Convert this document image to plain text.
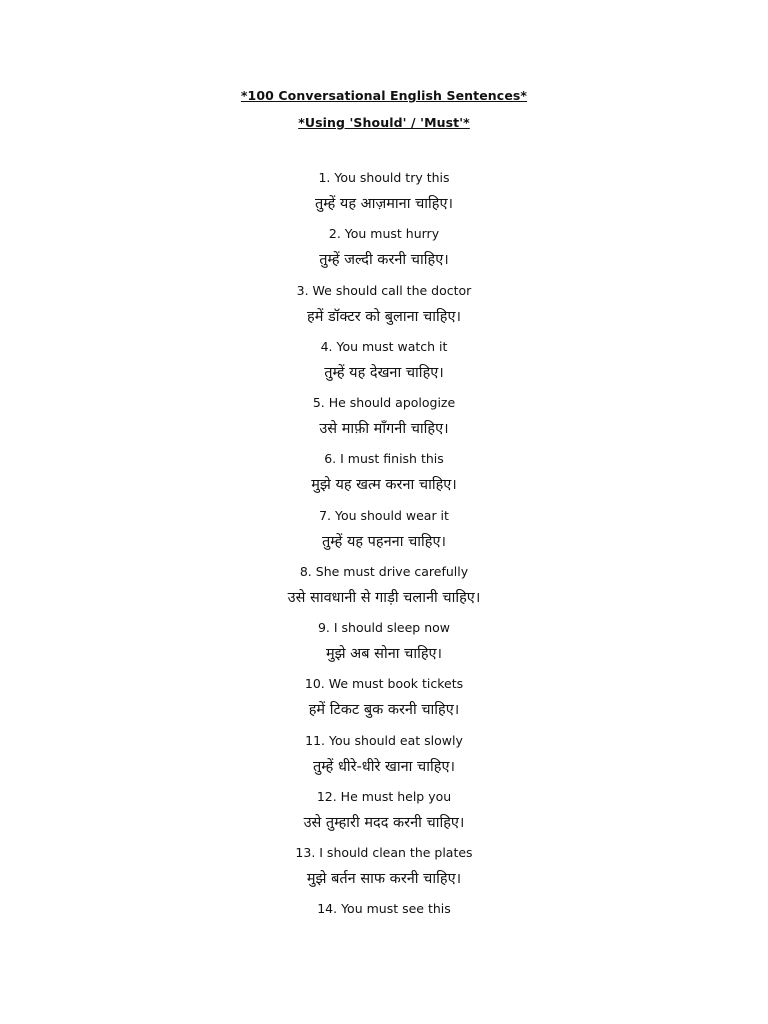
*100 Conversational English Sentences*
*Using 'Should' / 'Must'*
1. You should try this
तुम्हें यह आज़माना चाहिए।
2. You must hurry
तुम्हें जल्दी करनी चाहिए।
3. We should call the doctor
हमें डॉक्टर को बुलाना चाहिए।
4. You must watch it
तुम्हें यह देखना चाहिए।
5. He should apologize
उसे माफ़ी माँगनी चाहिए।
6. I must finish this
मुझे यह खत्म करना चाहिए।
7. You should wear it
तुम्हें यह पहनना चाहिए।
8. She must drive carefully
उसे सावधानी से गाड़ी चलानी चाहिए।
9. I should sleep now
मुझे अब सोना चाहिए।
10. We must book tickets
हमें टिकट बुक करनी चाहिए।
11. You should eat slowly
तुम्हें धीरे-धीरे खाना चाहिए।
12. He must help you
उसे तुम्हारी मदद करनी चाहिए।
13. I should clean the plates
मुझे बर्तन साफ करनी चाहिए।
14. You must see this
